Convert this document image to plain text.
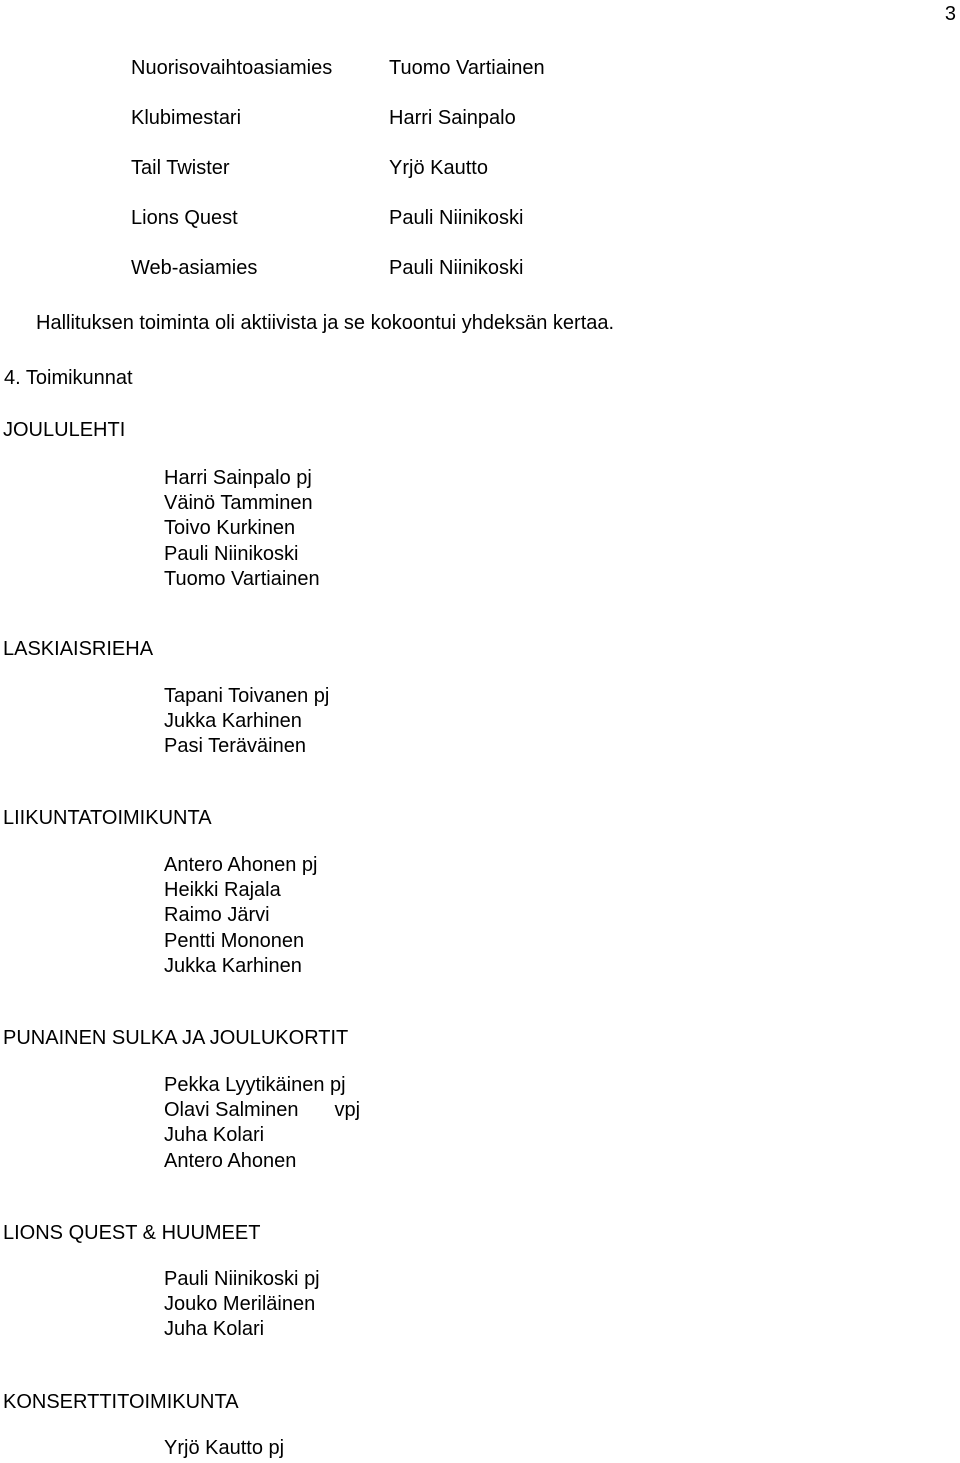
3
Nuorisovaihtoasiamies	Tuomo Vartiainen
Klubimestari	Harri Sainpalo
Tail Twister	Yrjö Kautto
Lions Quest	Pauli Niinikoski
Web-asiamies	Pauli Niinikoski
Hallituksen toiminta oli aktiivista ja se kokoontui yhdeksän kertaa.
4. Toimikunnat
JOULULEHTI
Harri Sainpalo pj
Väinö Tamminen
Toivo Kurkinen
Pauli Niinikoski
Tuomo Vartiainen
LASKIAISRIEHA
Tapani Toivanen pj
Jukka Karhinen
Pasi Teräväinen
LIIKUNTATOIMIKUNTA
Antero Ahonen pj
Heikki Rajala
Raimo Järvi
Pentti Mononen
Jukka Karhinen
PUNAINEN SULKA JA JOULUKORTIT
Pekka Lyytikäinen pj
Olavi Salminen vpj
Juha Kolari
Antero Ahonen
LIONS QUEST & HUUMEET
Pauli Niinikoski pj
Jouko Meriläinen
Juha Kolari
KONSERTTITOIMIKUNTA
Yrjö Kautto pj
